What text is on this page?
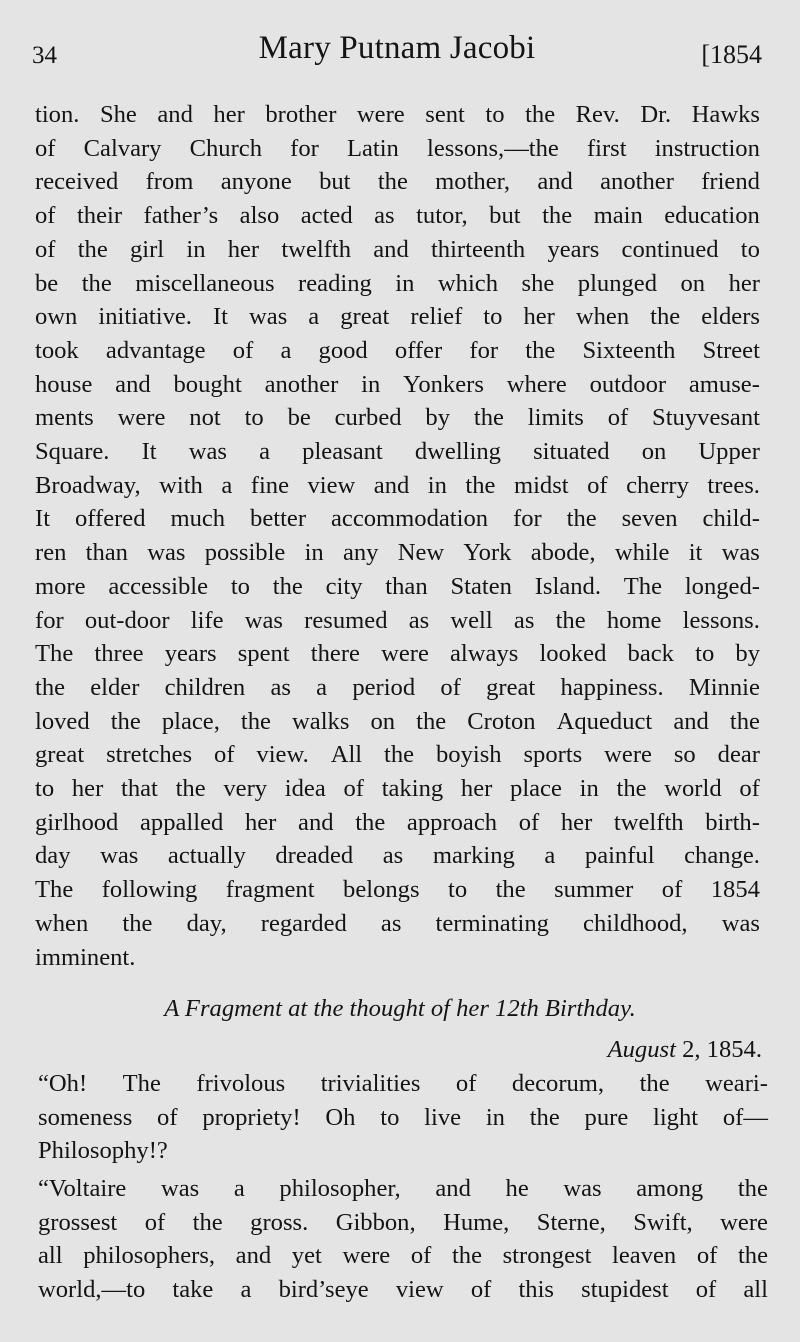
34	Mary Putnam Jacobi	[1854
tion. She and her brother were sent to the Rev. Dr. Hawks
of Calvary Church for Latin lessons,—the first instruction
received from anyone but the mother, and another friend
of their father’s also acted as tutor, but the main education
of the girl in her twelfth and thirteenth years continued to
be the miscellaneous reading in which she plunged on her
own initiative. It was a great relief to her when the elders
took advantage of a good offer for the Sixteenth Street
house and bought another in Yonkers where outdoor amuse-
ments were not to be curbed by the limits of Stuyvesant
Square. It was a pleasant dwelling situated on Upper
Broadway, with a fine view and in the midst of cherry trees.
It offered much better accommodation for the seven child-
ren than was possible in any New York abode, while it was
more accessible to the city than Staten Island. The longed-
for out-door life was resumed as well as the home lessons.
The three years spent there were always looked back to by
the elder children as a period of great happiness. Minnie
loved the place, the walks on the Croton Aqueduct and the
great stretches of view. All the boyish sports were so dear
to her that the very idea of taking her place in the world of
girlhood appalled her and the approach of her twelfth birth-
day was actually dreaded as marking a painful change.
The following fragment belongs to the summer of 1854
when the day, regarded as terminating childhood, was
imminent.
A Fragment at the thought of her 12th Birthday.
August 2, 1854.
“Oh! The frivolous trivialities of decorum, the weari-
someness of propriety! Oh to live in the pure light of—
Philosophy!?
“Voltaire was a philosopher, and he was among the
grossest of the gross. Gibbon, Hume, Sterne, Swift, were
all philosophers, and yet were of the strongest leaven of the
world,—to take a bird’seye view of this stupidest of all
